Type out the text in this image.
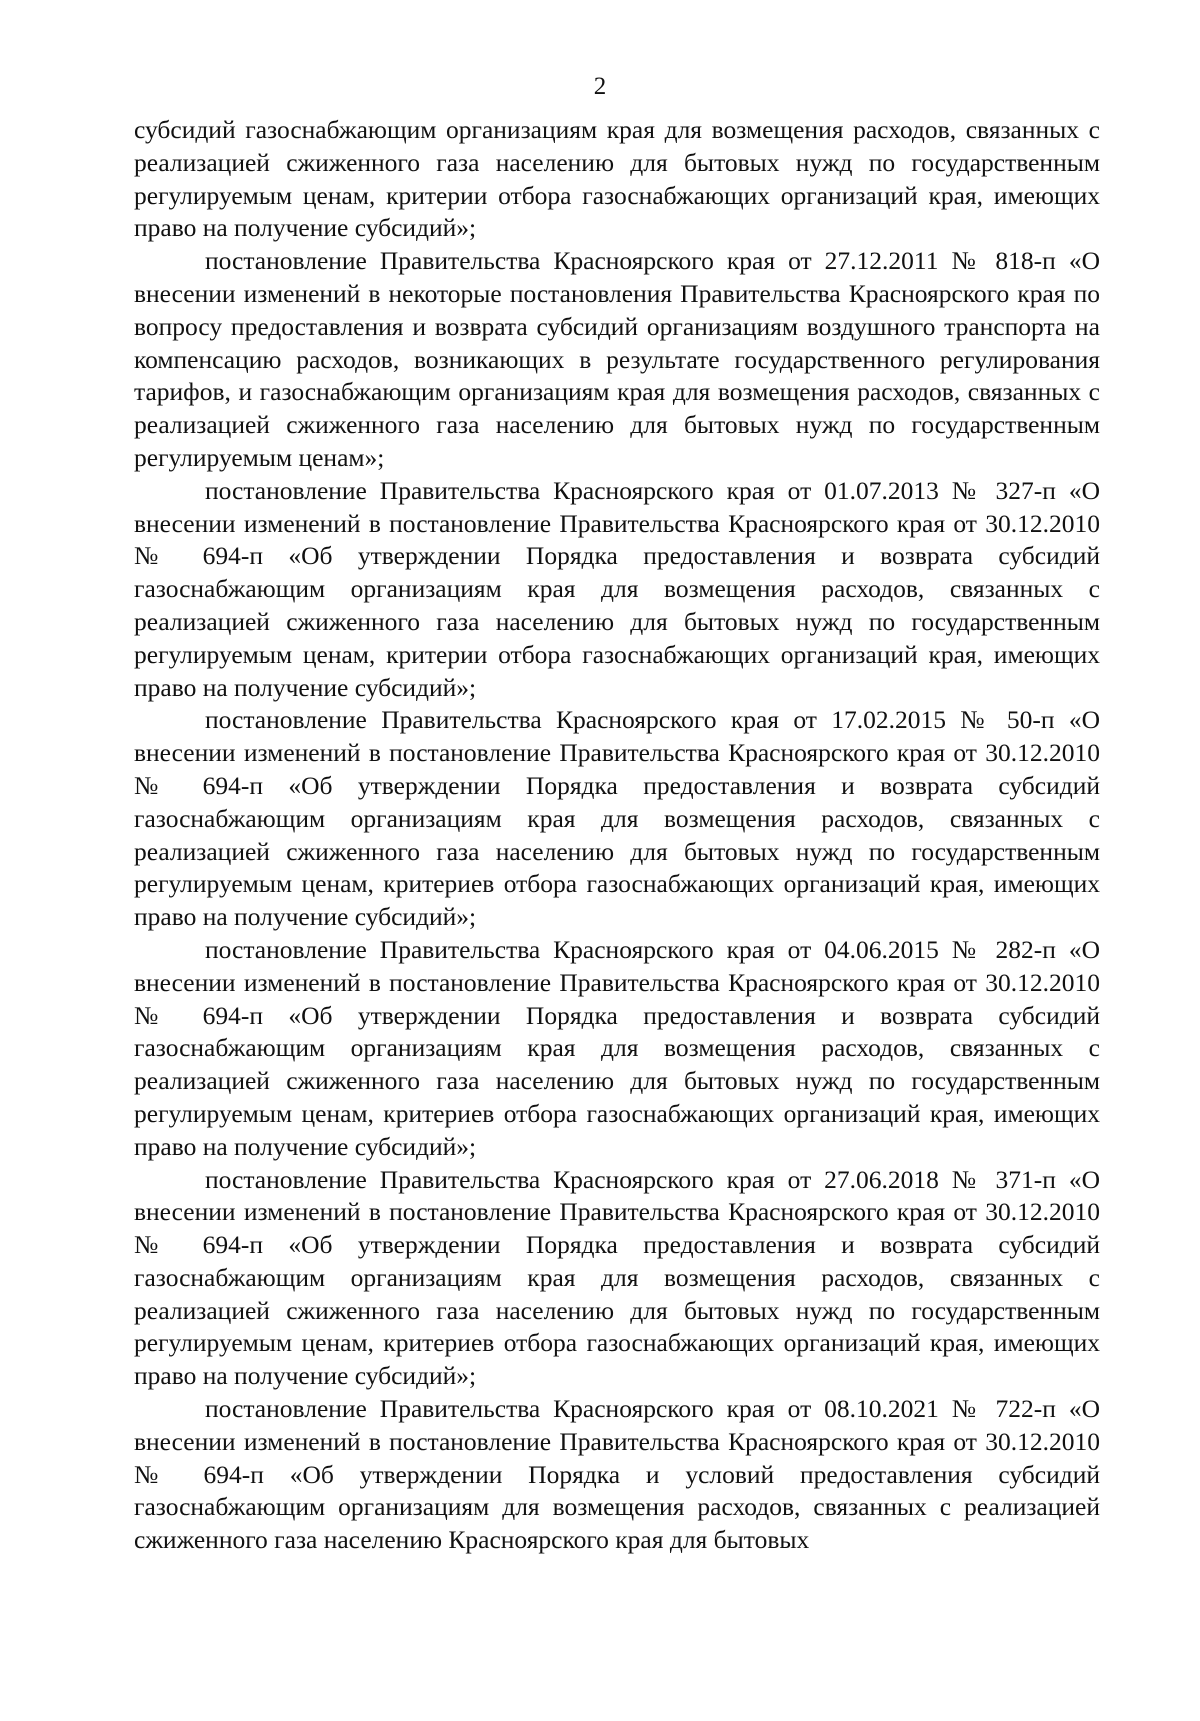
2

субсидий газоснабжающим организациям края для возмещения расходов, связанных с реализацией сжиженного газа населению для бытовых нужд по государственным регулируемым ценам, критерии отбора газоснабжающих организаций края, имеющих право на получение субсидий»;

постановление Правительства Красноярского края от 27.12.2011 № 818-п «О внесении изменений в некоторые постановления Правительства Красноярского края по вопросу предоставления и возврата субсидий организациям воздушного транспорта на компенсацию расходов, возникающих в результате государственного регулирования тарифов, и газоснабжающим организациям края для возмещения расходов, связанных с реализацией сжиженного газа населению для бытовых нужд по государственным регулируемым ценам»;

постановление Правительства Красноярского края от 01.07.2013 № 327-п «О внесении изменений в постановление Правительства Красноярского края от 30.12.2010 № 694-п «Об утверждении Порядка предоставления и возврата субсидий газоснабжающим организациям края для возмещения расходов, связанных с реализацией сжиженного газа населению для бытовых нужд по государственным регулируемым ценам, критерии отбора газоснабжающих организаций края, имеющих право на получение субсидий»;

постановление Правительства Красноярского края от 17.02.2015 № 50-п «О внесении изменений в постановление Правительства Красноярского края от 30.12.2010 № 694-п «Об утверждении Порядка предоставления и возврата субсидий газоснабжающим организациям края для возмещения расходов, связанных с реализацией сжиженного газа населению для бытовых нужд по государственным регулируемым ценам, критериев отбора газоснабжающих организаций края, имеющих право на получение субсидий»;

постановление Правительства Красноярского края от 04.06.2015 № 282-п «О внесении изменений в постановление Правительства Красноярского края от 30.12.2010 № 694-п «Об утверждении Порядка предоставления и возврата субсидий газоснабжающим организациям края для возмещения расходов, связанных с реализацией сжиженного газа населению для бытовых нужд по государственным регулируемым ценам, критериев отбора газоснабжающих организаций края, имеющих право на получение субсидий»;

постановление Правительства Красноярского края от 27.06.2018 № 371-п «О внесении изменений в постановление Правительства Красноярского края от 30.12.2010 № 694-п «Об утверждении Порядка предоставления и возврата субсидий газоснабжающим организациям края для возмещения расходов, связанных с реализацией сжиженного газа населению для бытовых нужд по государственным регулируемым ценам, критериев отбора газоснабжающих организаций края, имеющих право на получение субсидий»;

постановление Правительства Красноярского края от 08.10.2021 № 722-п «О внесении изменений в постановление Правительства Красноярского края от 30.12.2010 № 694-п «Об утверждении Порядка и условий предоставления субсидий газоснабжающим организациям для возмещения расходов, связанных с реализацией сжиженного газа населению Красноярского края для бытовых
